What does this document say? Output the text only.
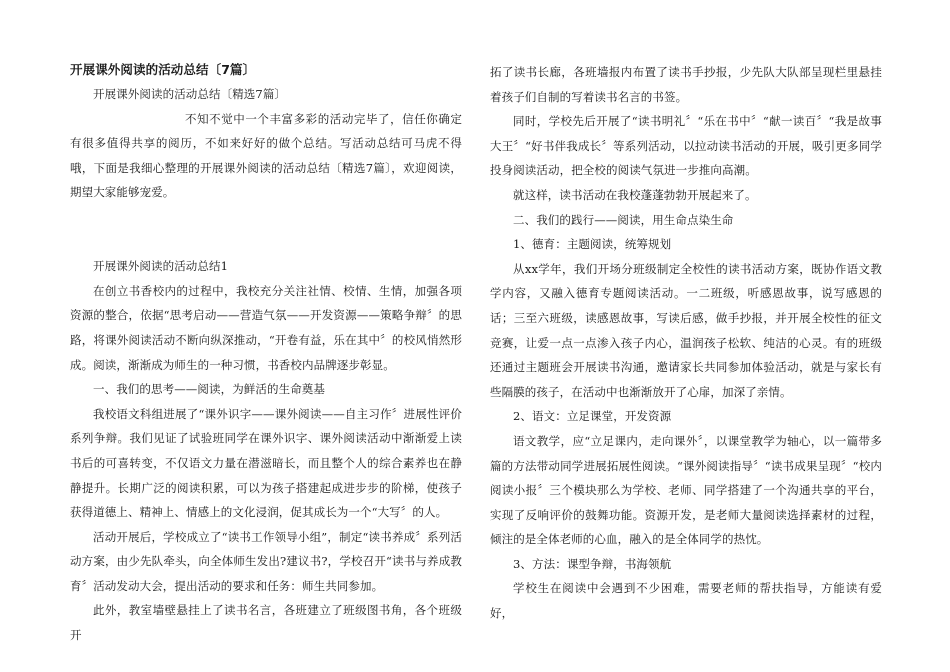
开展课外阅读的活动总结〔7篇〕

开展课外阅读的活动总结〔精选7篇〕

不知不觉中一个丰富多彩的活动完毕了，信任你确定有很多值得共享的阅历，不如来好好的做个总结。写活动总结可马虎不得哦，下面是我细心整理的开展课外阅读的活动总结〔精选7篇〕，欢迎阅读，期望大家能够宠爱。

开展课外阅读的活动总结1

在创立书香校内的过程中，我校充分关注社情、校情、生情，加强各项资源的整合，依据“思考启动——营造气氛——开发资源——策略争辩〞的思路，将课外阅读活动不断向纵深推动，“开卷有益，乐在其中〞的校风悄然形成。阅读，渐渐成为师生的一种习惯，书香校内品牌逐步彰显。

一、我们的思考——阅读，为鲜活的生命奠基

我校语文科组进展了“课外识字——课外阅读——自主习作〞进展性评价系列争辩。我们见证了试验班同学在课外识字、课外阅读活动中渐渐爱上读书后的可喜转变，不仅语文力量在潜滋暗长，而且整个人的综合素养也在静静提升。长期广泛的阅读积累，可以为孩子搭建起成进步步的阶梯，使孩子获得道德上、精神上、情感上的文化浸润，促其成长为一个“大写〞的人。

活动开展后，学校成立了“读书工作领导小组”，制定“读书养成〞系列活动方案，由少先队牵头，向全体师生发出?建议书?，学校召开“读书与养成教育〞活动发动大会，提出活动的要求和任务：师生共同参加。

此外，教室墙壁悬挂上了读书名言，各班建立了班级图书角，各个班级开

拓了读书长廊，各班墙报内布置了读书手抄报，少先队大队部呈现栏里悬挂着孩子们自制的写着读书名言的书签。

同时，学校先后开展了“读书明礼〞“乐在书中〞“献一读百〞“我是故事大王〞“好书伴我成长〞等系列活动，以拉动读书活动的开展，吸引更多同学投身阅读活动，把全校的阅读气氛进一步推向高潮。

就这样，读书活动在我校蓬蓬勃勃开展起来了。

二、我们的践行——阅读，用生命点染生命

1、德育：主题阅读，统筹规划

从xx学年，我们开场分班级制定全校性的读书活动方案，既协作语文教学内容，又融入德育专题阅读活动。一二班级，听感恩故事，说写感恩的话；三至六班级，读感恩故事，写读后感，做手抄报，并开展全校性的征文竞赛，让爱一点一点渗入孩子内心，温润孩子松软、纯洁的心灵。有的班级还通过主题班会开展读书沟通，邀请家长共同参加体验活动，就是与家长有些隔膜的孩子，在活动中也渐渐放开了心扉，加深了亲情。

2、语文：立足课堂，开发资源

语文教学，应“立足课内，走向课外〞，以课堂教学为轴心，以一篇带多篇的方法带动同学进展拓展性阅读。“课外阅读指导〞“读书成果呈现〞“校内阅读小报〞三个模块那么为学校、老师、同学搭建了一个沟通共享的平台，实现了反响评价的鼓舞功能。资源开发，是老师大量阅读选择素材的过程，倾注的是全体老师的心血，融入的是全体同学的热忱。

3、方法：课型争辩，书海领航

学校生在阅读中会遇到不少困难，需要老师的帮扶指导，方能读有爱好，
